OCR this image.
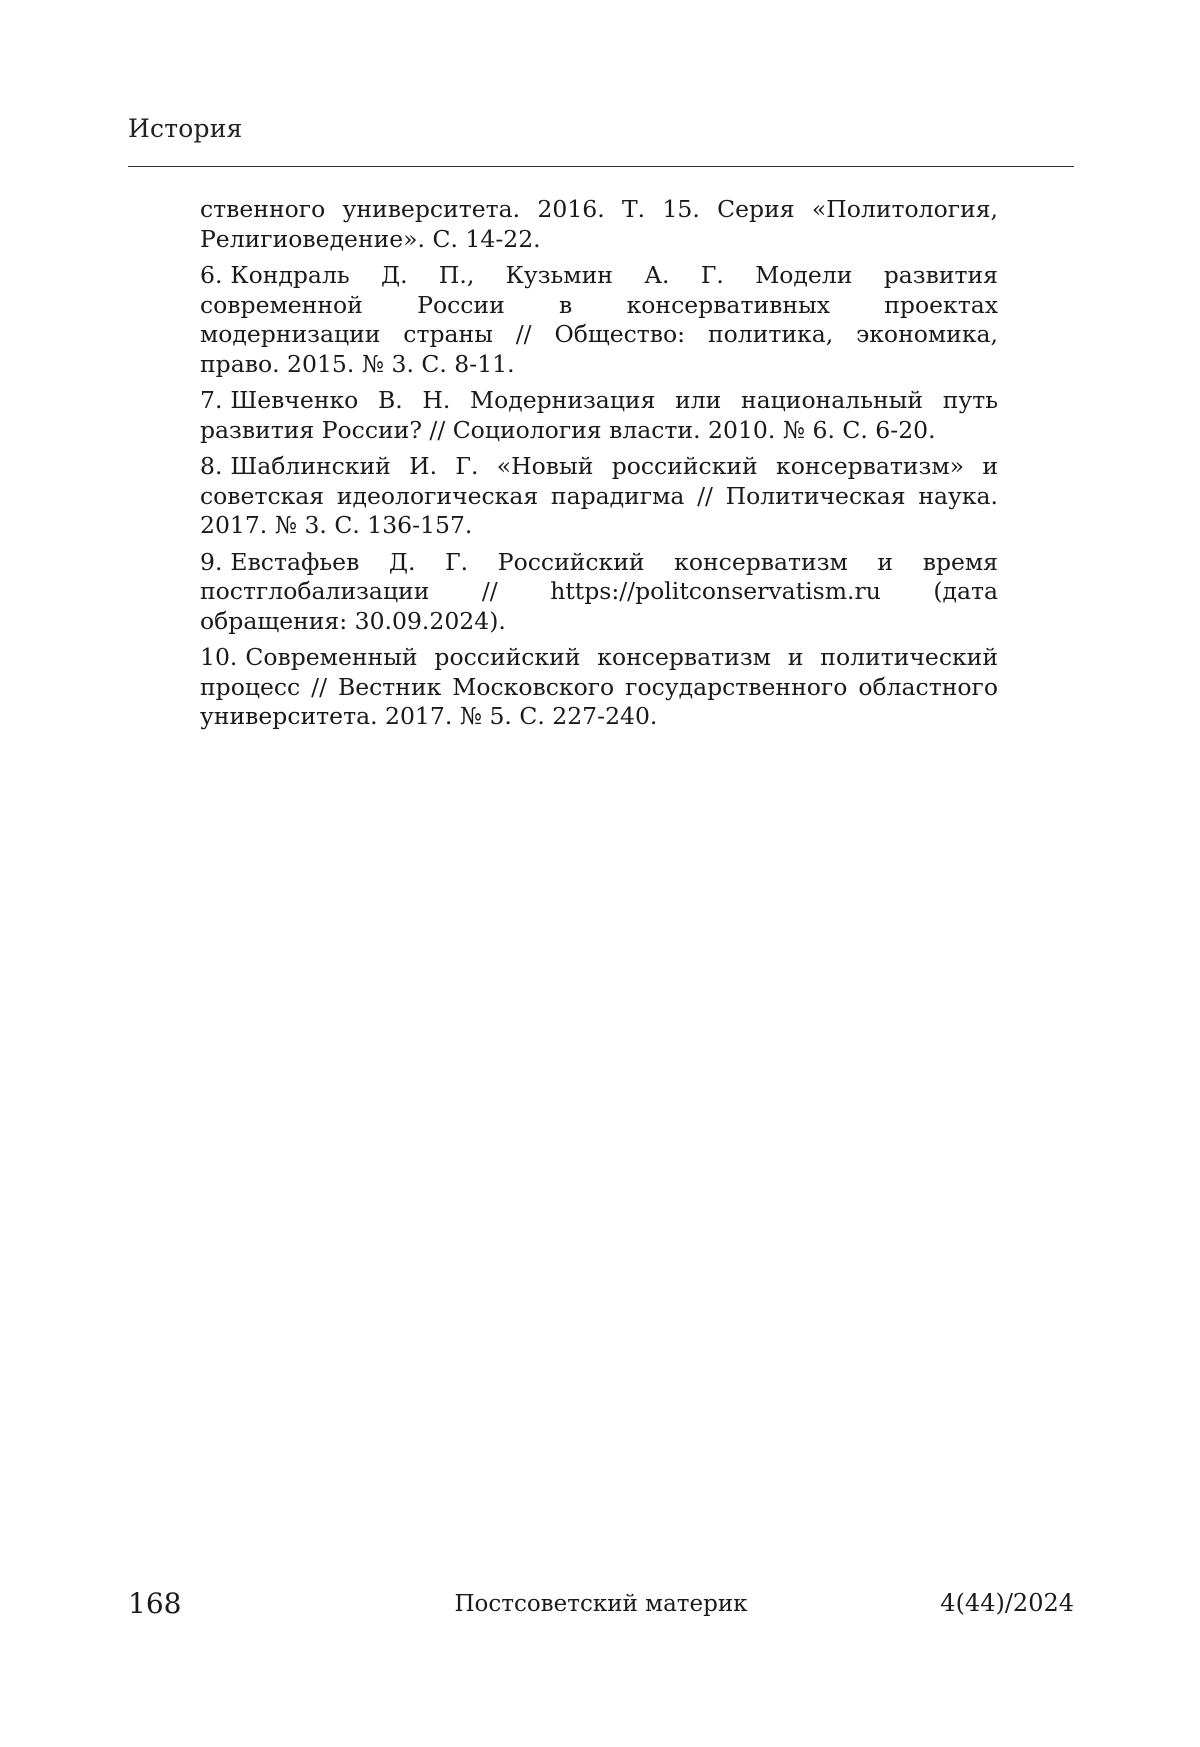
История

ственного университета. 2016. Т. 15. Серия «Политология, Религиоведение». С. 14-22.

6. Кондраль Д. П., Кузьмин А. Г. Модели развития современной России в консервативных проектах модернизации страны // Общество: политика, экономика, право. 2015. № 3. С. 8-11.

7. Шевченко В. Н. Модернизация или национальный путь развития России? // Социология власти. 2010. № 6. С. 6-20.

8. Шаблинский И. Г. «Новый российский консерватизм» и советская идеологическая парадигма // Политическая наука. 2017. № 3. С. 136-157.

9. Евстафьев Д. Г. Российский консерватизм и время постглобализации // https://politconservatism.ru (дата обращения: 30.09.2024).

10. Современный российский консерватизм и политический процесс // Вестник Московского государственного областного университета. 2017. № 5. С. 227-240.

168	Постсоветский материк	4(44)/2024
